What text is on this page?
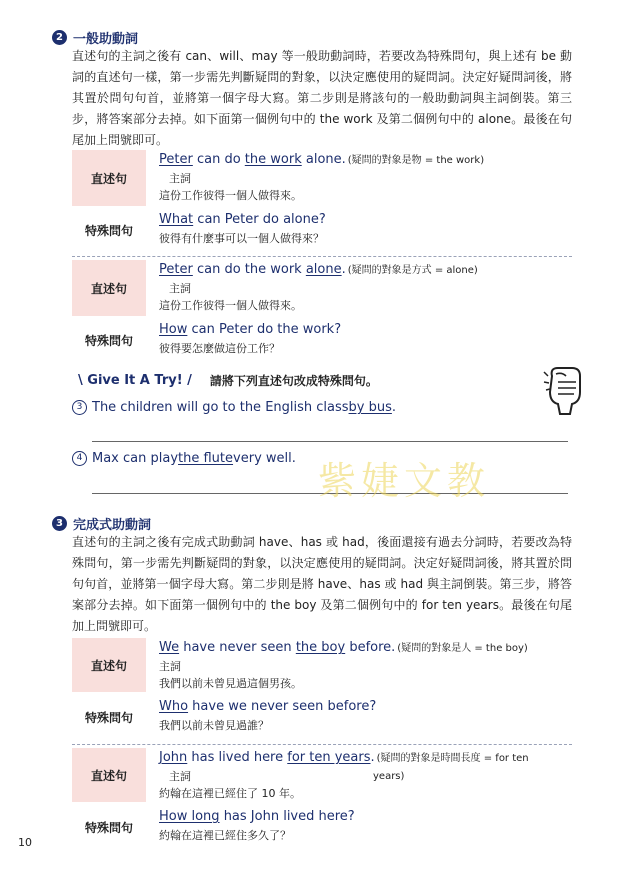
2 一般助動詞

直述句的主詞之後有 can、will、may 等一般助動詞時，若要改為特殊問句，與上述有 be 動詞的直述句一樣，第一步需先判斷疑問的對象，以決定應使用的疑問詞。決定好疑問詞後，將其置於問句句首，並將第一個字母大寫。第二步則是將該句的一般助動詞與主詞倒裝。第三步，將答案部分去掉。如下面第一個例句中的 the work 及第二個例句中的 alone。最後在句尾加上問號即可。

直述句
Peter can do the work alone. (疑問的對象是物 = the work)
主詞
這份工作彼得一個人做得來。
特殊問句
What can Peter do alone?
彼得有什麼事可以一個人做得來？
直述句
Peter can do the work alone. (疑問的對象是方式 = alone)
主詞
這份工作彼得一個人做得來。
特殊問句
How can Peter do the work?
彼得要怎麼做這份工作？
\ Give It A Try! / 請將下列直述句改成特殊問句。
3 The children will go to the English class by bus .
4 Max can play the flute very well.
紫婕文教
3 完成式助動詞

直述句的主詞之後有完成式助動詞 have、has 或 had，後面還接有過去分詞時，若要改為特殊問句，第一步需先判斷疑問的對象，以決定應使用的疑問詞。決定好疑問詞後，將其置於問句句首，並將第一個字母大寫。第二步則是將 have、has 或 had 與主詞倒裝。第三步，將答案部分去掉。如下面第一個例句中的 the boy 及第二個例句中的 for ten years。最後在句尾加上問號即可。

直述句
We have never seen the boy before. (疑問的對象是人 = the boy)
主詞
我們以前未曾見過這個男孩。
特殊問句
Who have we never seen before?
我們以前未曾見過誰？
直述句
John has lived here for ten years. (疑問的對象是時間長度 = for ten
主詞	years)
約翰在這裡已經住了 10 年。
特殊問句
How long has John lived here?
約翰在這裡已經住多久了？
10
